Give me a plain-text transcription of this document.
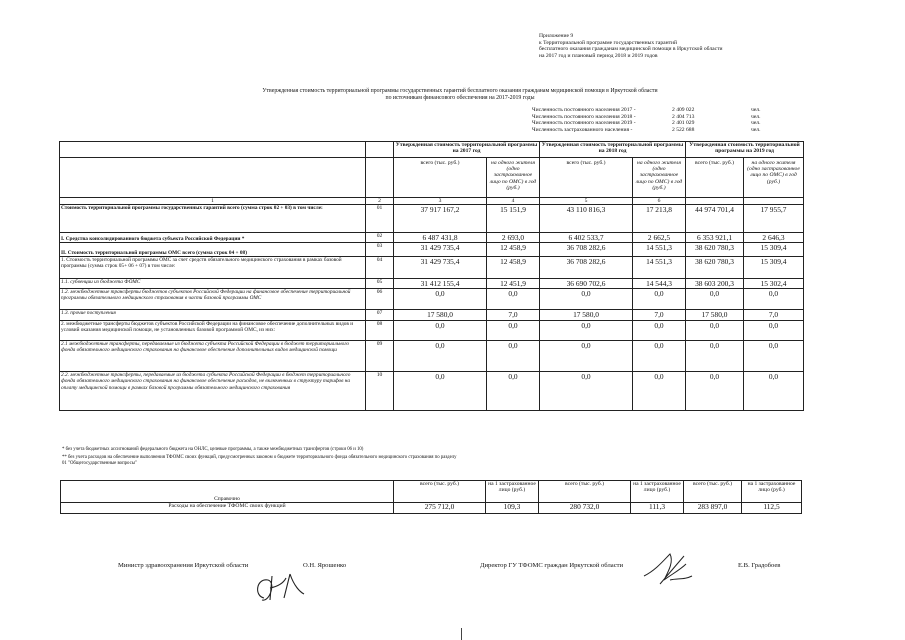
Приложение 9
к Территориальной программе государственных гарантий
бесплатного оказания гражданам медицинской помощи в Иркутской области
на 2017 год и плановый период 2018 и 2019 годов
Утвержденная стоимость территориальной программы государственных гарантий бесплатного оказания гражданам медицинской помощи в Иркутской области
по источникам финансового обеспечения на 2017-2019 годы
Численность постоянного населения 2017 -	2 409 022	чел.
Численность постоянного населения 2018 -	2 404 713	чел.
Численность постоянного населения 2019 -	2 401 029	чел.
Численность застрахованного населения -	2 522 688	чел.
		Утвержденная стоимость территориальной программы на 2017 год		Утвержденная стоимость территориальной программы на 2018 год		Утвержденная стоимость территориальной программы на 2019 год	
		всего (тыс. руб.)	на одного жителя (одно застрахованное лицо по ОМС) в год (руб.)	всего (тыс. руб.)	на одного жителя (одно застрахованное лицо по ОМС) в год (руб.)	всего (тыс. руб.)	на одного жителя (одно застрахованное лицо по ОМС) в год (руб.)
1	2	3	4	5	6		
Стоимость территориальной программы государственных гарантий всего (сумма строк 02 + 03) в том числе:	01	37 917 167,2	15 151,9	43 110 816,3	17 213,8	44 974 701,4	17 955,7
I. Средства консолидированного бюджета субъекта Российской Федерации *	02	6 487 431,8	2 693,0	6 402 533,7	2 662,5	6 353 921,1	2 646,3
II. Стоимость территориальной программы ОМС всего (сумма строк 04 + 08)	03	31 429 735,4	12 458,9	36 708 282,6	14 551,3	38 620 780,3	15 309,4
1. Стоимость территориальной программы ОМС за счет средств обязательного медицинского страхования в рамках базовой программы (сумма строк 05+ 06 + 07) в том числе:	04	31 429 735,4	12 458,9	36 708 282,6	14 551,3	38 620 780,3	15 309,4
1.1. субвенции из бюджета ФОМС	05	31 412 155,4	12 451,9	36 690 702,6	14 544,3	38 603 200,3	15 302,4
1.2. межбюджетные трансферты бюджетов субъектов Российской Федерации на финансовое обеспечение территориальной программы обязательного медицинского страхования в части базовой программы ОМС	06	0,0	0,0	0,0	0,0	0,0	0,0
1.3. прочие поступления	07	17 580,0	7,0	17 580,0	7,0	17 580,0	7,0
2. межбюджетные трансферты бюджетов субъектов Российской Федерации на финансовое обеспечение дополнительных видов и условий оказания медицинской помощи, не установленных базовой программой ОМС, из них:	08	0,0	0,0	0,0	0,0	0,0	0,0
2.1 межбюджетные трансферты, передаваемые из бюджета субъекта Российской Федерации в бюджет территориального фонда обязательного медицинского страхования на финансовое обеспечение дополнительных видов медицинской помощи	09	0,0	0,0	0,0	0,0	0,0	0,0
2.2. межбюджетные трансферты, передаваемые из бюджета субъекта Российской Федерации в бюджет территориального фонда обязательного медицинского страхования на финансовое обеспечение расходов, не включенных в структуру тарифов на оплату медицинской помощи в рамках базовой программы обязательного медицинского страхования	10	0,0	0,0	0,0	0,0	0,0	0,0
* без учета бюджетных ассигнований федерального бюджета на ОНЛС, целевые программы, а также межбюджетных трансфертов (строки 06 и 10)
** без учета расходов на обеспечение выполнения ТФОМС своих функций, предусмотренных законом о бюджете территориального фонда обязательного медицинского страхования по разделу
01 "Общегосударственные вопросы"
Справочно	всего (тыс. руб.)	на 1 застрахованное лицо (руб.)	всего (тыс. руб.)	на 1 застрахованное лицо (руб.)	всего (тыс. руб.)	на 1 застрахованное лицо (руб.)
Расходы на обеспечение ТФОМС своих функций	275 712,0	109,3	280 732,0	111,3	283 897,0	112,5
Министр здравоохранения Иркутской области	О.Н. Ярошенко	Директор ГУ ТФОМС граждан Иркутской области	Е.В. Градобоев
